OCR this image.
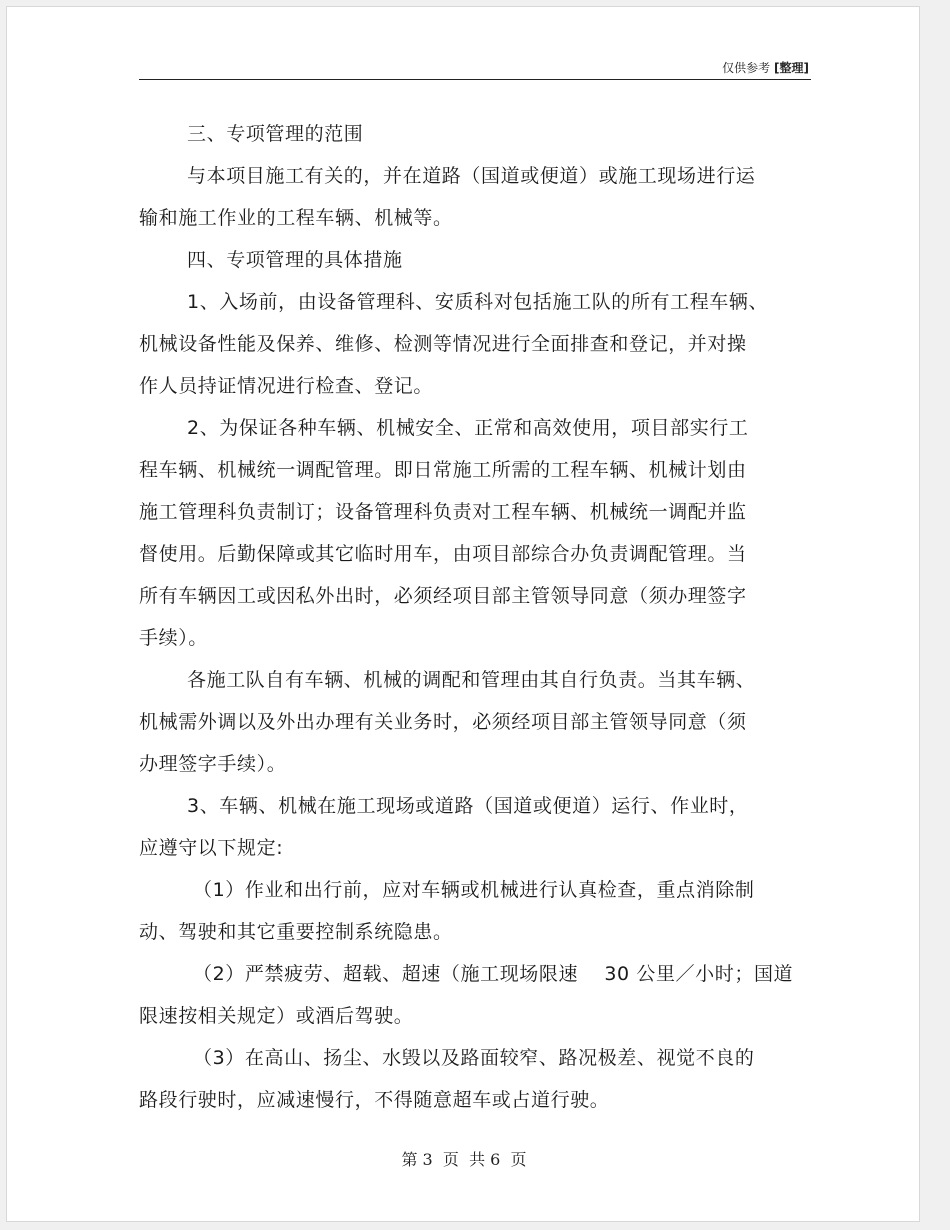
仅供参考 [整理]

三、专项管理的范围

与本项目施工有关的，并在道路（国道或便道）或施工现场进行运
输和施工作业的工程车辆、机械等。

四、专项管理的具体措施

1、入场前，由设备管理科、安质科对包括施工队的所有工程车辆、
机械设备性能及保养、维修、检测等情况进行全面排查和登记，并对操
作人员持证情况进行检查、登记。

2、为保证各种车辆、机械安全、正常和高效使用，项目部实行工
程车辆、机械统一调配管理。即日常施工所需的工程车辆、机械计划由
施工管理科负责制订；设备管理科负责对工程车辆、机械统一调配并监
督使用。后勤保障或其它临时用车，由项目部综合办负责调配管理。当
所有车辆因工或因私外出时，必须经项目部主管领导同意（须办理签字
手续）。

各施工队自有车辆、机械的调配和管理由其自行负责。当其车辆、
机械需外调以及外出办理有关业务时，必须经项目部主管领导同意（须
办理签字手续）。

3、车辆、机械在施工现场或道路（国道或便道）运行、作业时，
应遵守以下规定:

（1）作业和出行前，应对车辆或机械进行认真检查，重点消除制
动、驾驶和其它重要控制系统隐患。

（2）严禁疲劳、超载、超速（施工现场限速　 30 公里／小时；国道
限速按相关规定）或酒后驾驶。

（3）在高山、扬尘、水毁以及路面较窄、路况极差、视觉不良的
路段行驶时，应减速慢行，不得随意超车或占道行驶。

第 3  页  共 6  页
